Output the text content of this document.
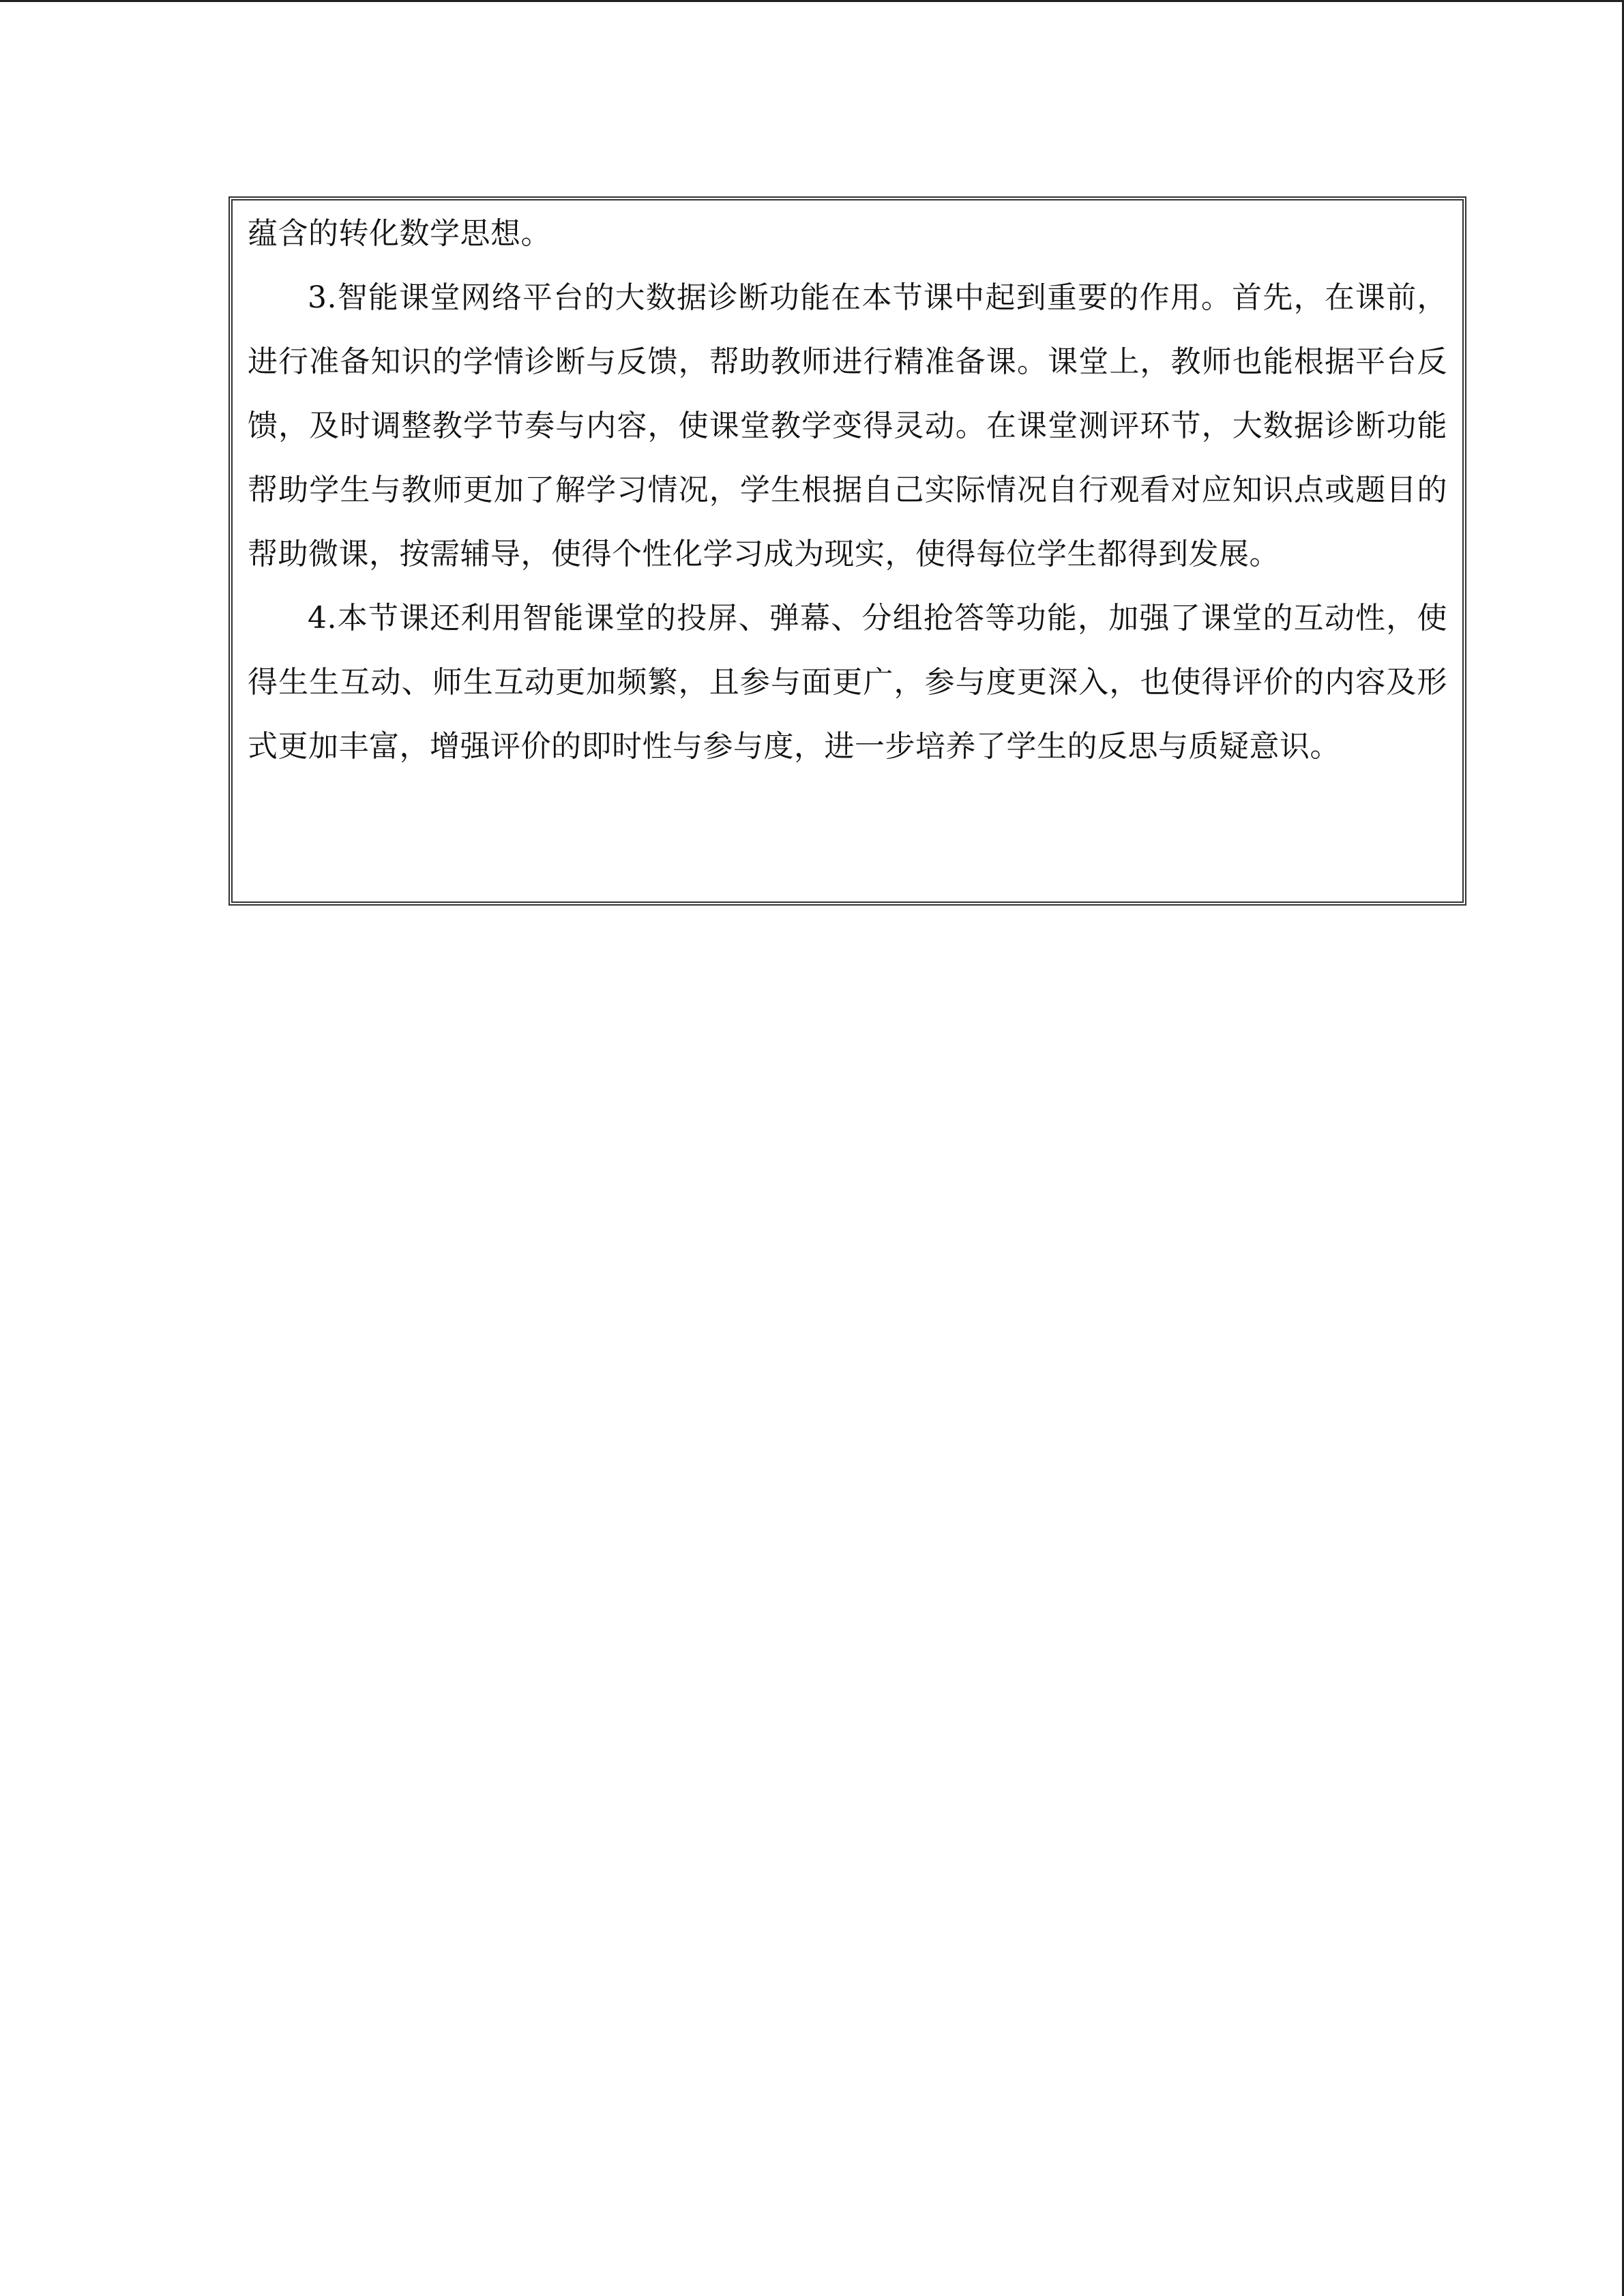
蕴含的转化数学思想。

3.智能课堂网络平台的大数据诊断功能在本节课中起到重要的作用。首先，在课前，进行准备知识的学情诊断与反馈，帮助教师进行精准备课。课堂上，教师也能根据平台反馈，及时调整教学节奏与内容，使课堂教学变得灵动。在课堂测评环节，大数据诊断功能帮助学生与教师更加了解学习情况，学生根据自己实际情况自行观看对应知识点或题目的帮助微课，按需辅导，使得个性化学习成为现实，使得每位学生都得到发展。

4.本节课还利用智能课堂的投屏、弹幕、分组抢答等功能，加强了课堂的互动性，使得生生互动、师生互动更加频繁，且参与面更广，参与度更深入，也使得评价的内容及形式更加丰富，增强评价的即时性与参与度，进一步培养了学生的反思与质疑意识。
